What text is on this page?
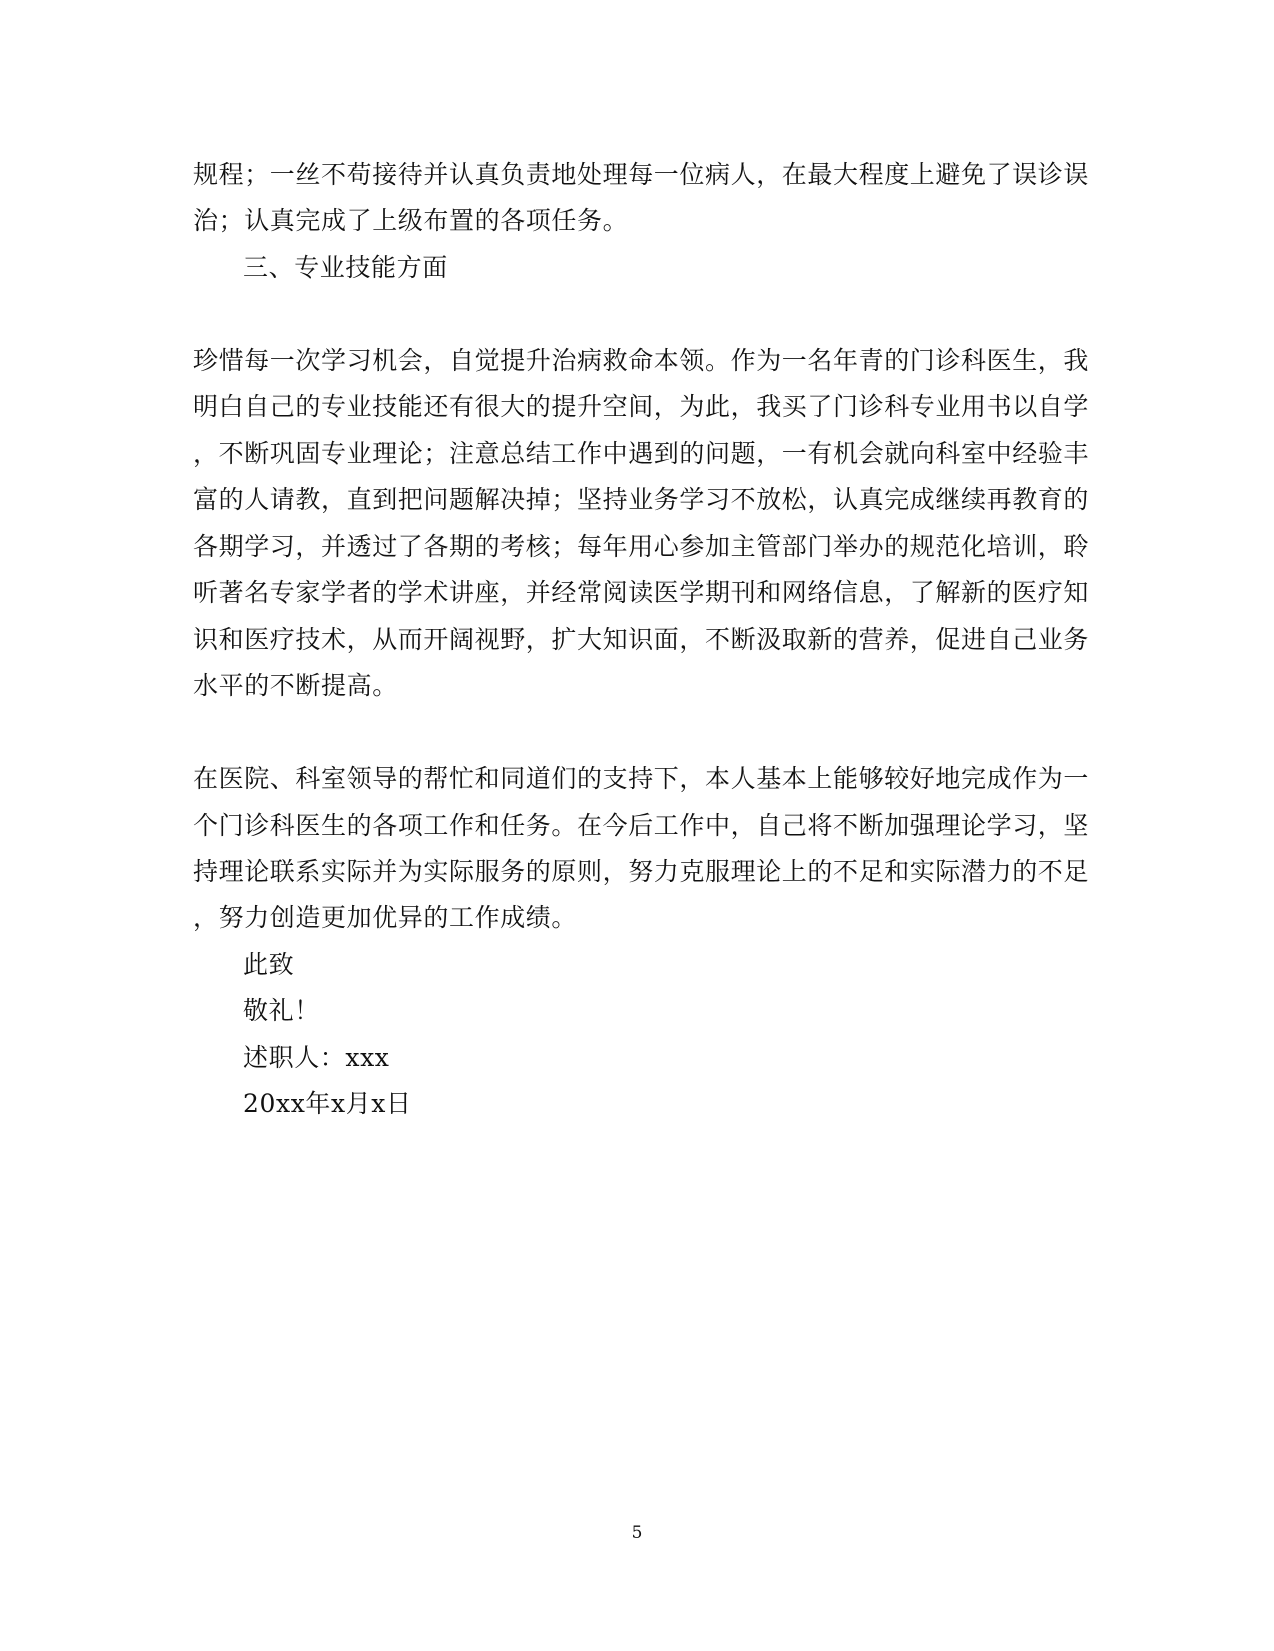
规程；一丝不苟接待并认真负责地处理每一位病人，在最大程度上避免了误诊误
治；认真完成了上级布置的各项任务。
三、专业技能方面
珍惜每一次学习机会，自觉提升治病救命本领。作为一名年青的门诊科医生，我
明白自己的专业技能还有很大的提升空间，为此，我买了门诊科专业用书以自学
，不断巩固专业理论；注意总结工作中遇到的问题，一有机会就向科室中经验丰
富的人请教，直到把问题解决掉；坚持业务学习不放松，认真完成继续再教育的
各期学习，并透过了各期的考核；每年用心参加主管部门举办的规范化培训，聆
听著名专家学者的学术讲座，并经常阅读医学期刊和网络信息，了解新的医疗知
识和医疗技术，从而开阔视野，扩大知识面，不断汲取新的营养，促进自己业务
水平的不断提高。
在医院、科室领导的帮忙和同道们的支持下，本人基本上能够较好地完成作为一
个门诊科医生的各项工作和任务。在今后工作中，自己将不断加强理论学习，坚
持理论联系实际并为实际服务的原则，努力克服理论上的不足和实际潜力的不足
，努力创造更加优异的工作成绩。
此致
敬礼！
述职人：xxx
20xx年x月x日
5
